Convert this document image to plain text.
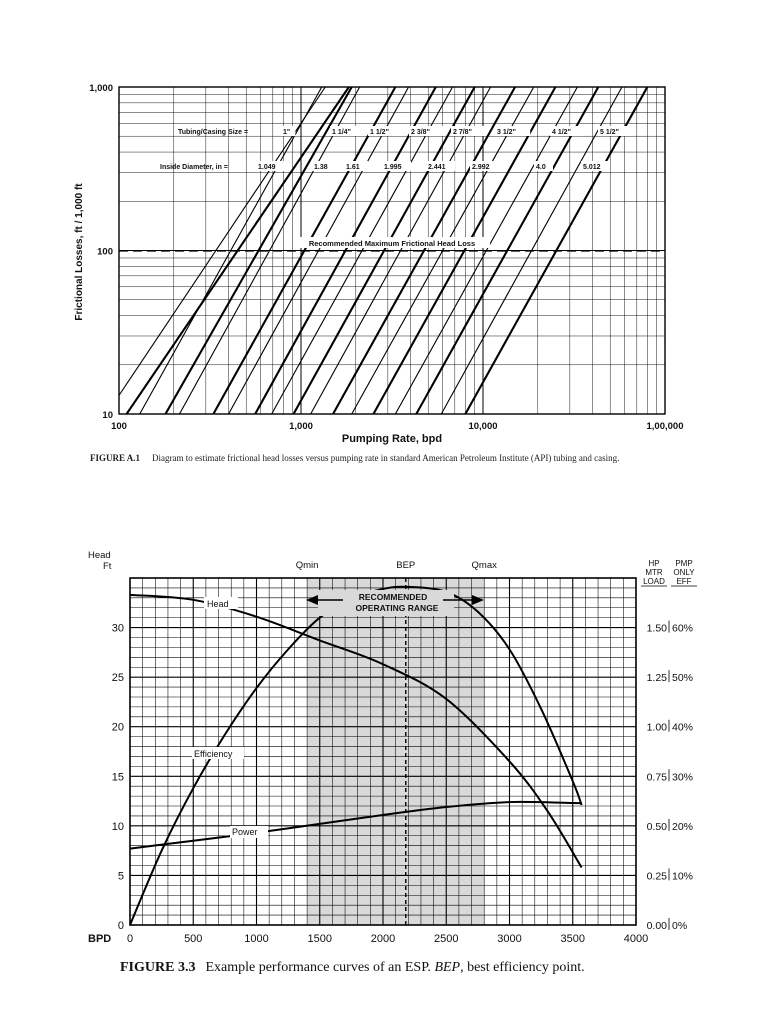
Recommended Maximum Frictional Head Loss
Tubing/Casing Size =
Inside Diameter, in =
1"	1 1/4"	1 1/2"	2 3/8"	2 7/8"	3 1/2"	4 1/2"	5 1/2"
1.049	1.38	1.61	1.995	2.441	2.992	4.0	5.012
10
100
1,000
100	1,000	10,000	1,00,000
Pumping Rate, bpd
Frictional Losses, ft / 1,000 ft
FIGURE A.1 Diagram to estimate frictional head losses versus pumping rate in standard American Petroleum Institute (API) tubing and casing.
Qmin	BEP	Qmax
RECOMMENDED
OPERATING RANGE
0	500	1000	1500	2000	2500	3000	3500	4000
0
5
10
15
20
25
30
0.00 0%
0.25 10%
0.50 20%
0.75 30%
1.00 40%
1.25 50%
1.50 60%
Head
Ft
BPD
HP
MTR
LOAD
PMP
ONLY
EFF
Head
Efficiency
Power
FIGURE 3.3 Example performance curves of an ESP. BEP, best efficiency point.
